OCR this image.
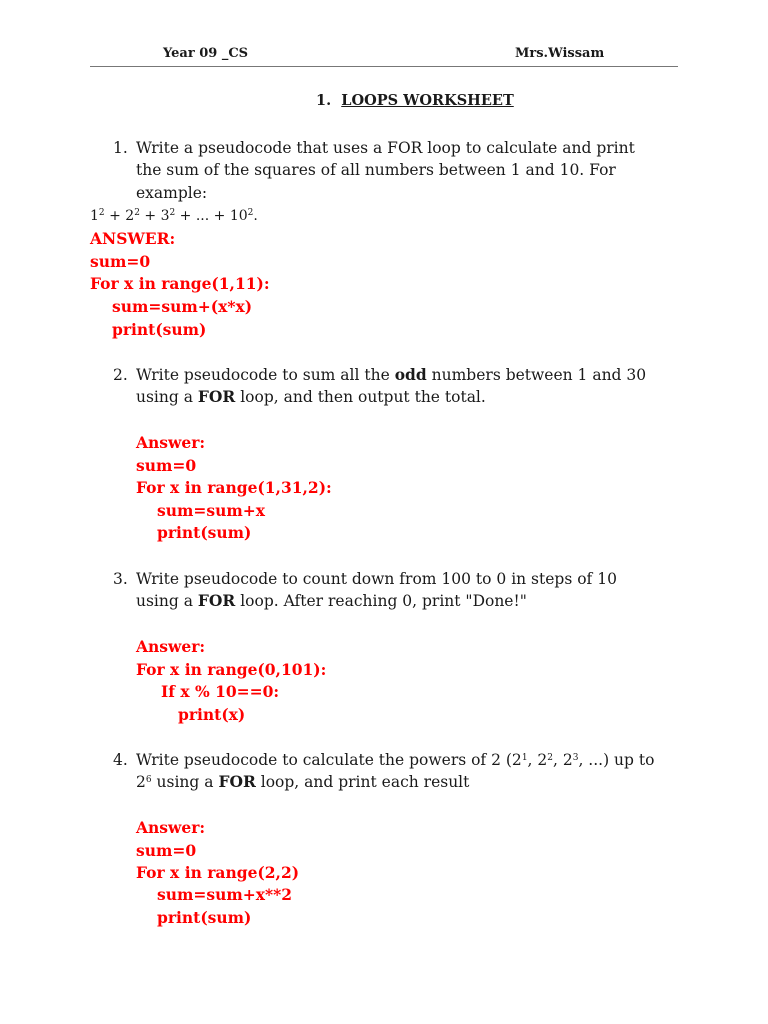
Year 09 _CS	Mrs.Wissam
1. LOOPS WORKSHEET
1. Write a pseudocode that uses a FOR loop to calculate and print
the sum of the squares of all numbers between 1 and 10. For
example:
$1^2 + 2^2 + 3^2$ + ... + $10^2$.
ANSWER:
sum=0
For x in range(1,11):
sum=sum+(x*x)
print(sum)
2. Write pseudocode to sum all the odd numbers between 1 and 30
using a FOR loop, and then output the total.
Answer:
sum=0
For x in range(1,31,2):
sum=sum+x
print(sum)
3. Write pseudocode to count down from 100 to 0 in steps of 10
using a FOR loop. After reaching 0, print "Done!"
Answer:
For x in range(0,101):
If x % 10==0:
print(x)
4. Write pseudocode to calculate the powers of 2 ($2^1$, $2^2$, $2^3$, ...) up to
$2^6$ using a FOR loop, and print each result
Answer:
sum=0
For x in range(2,2)
sum=sum+x**2
print(sum)
